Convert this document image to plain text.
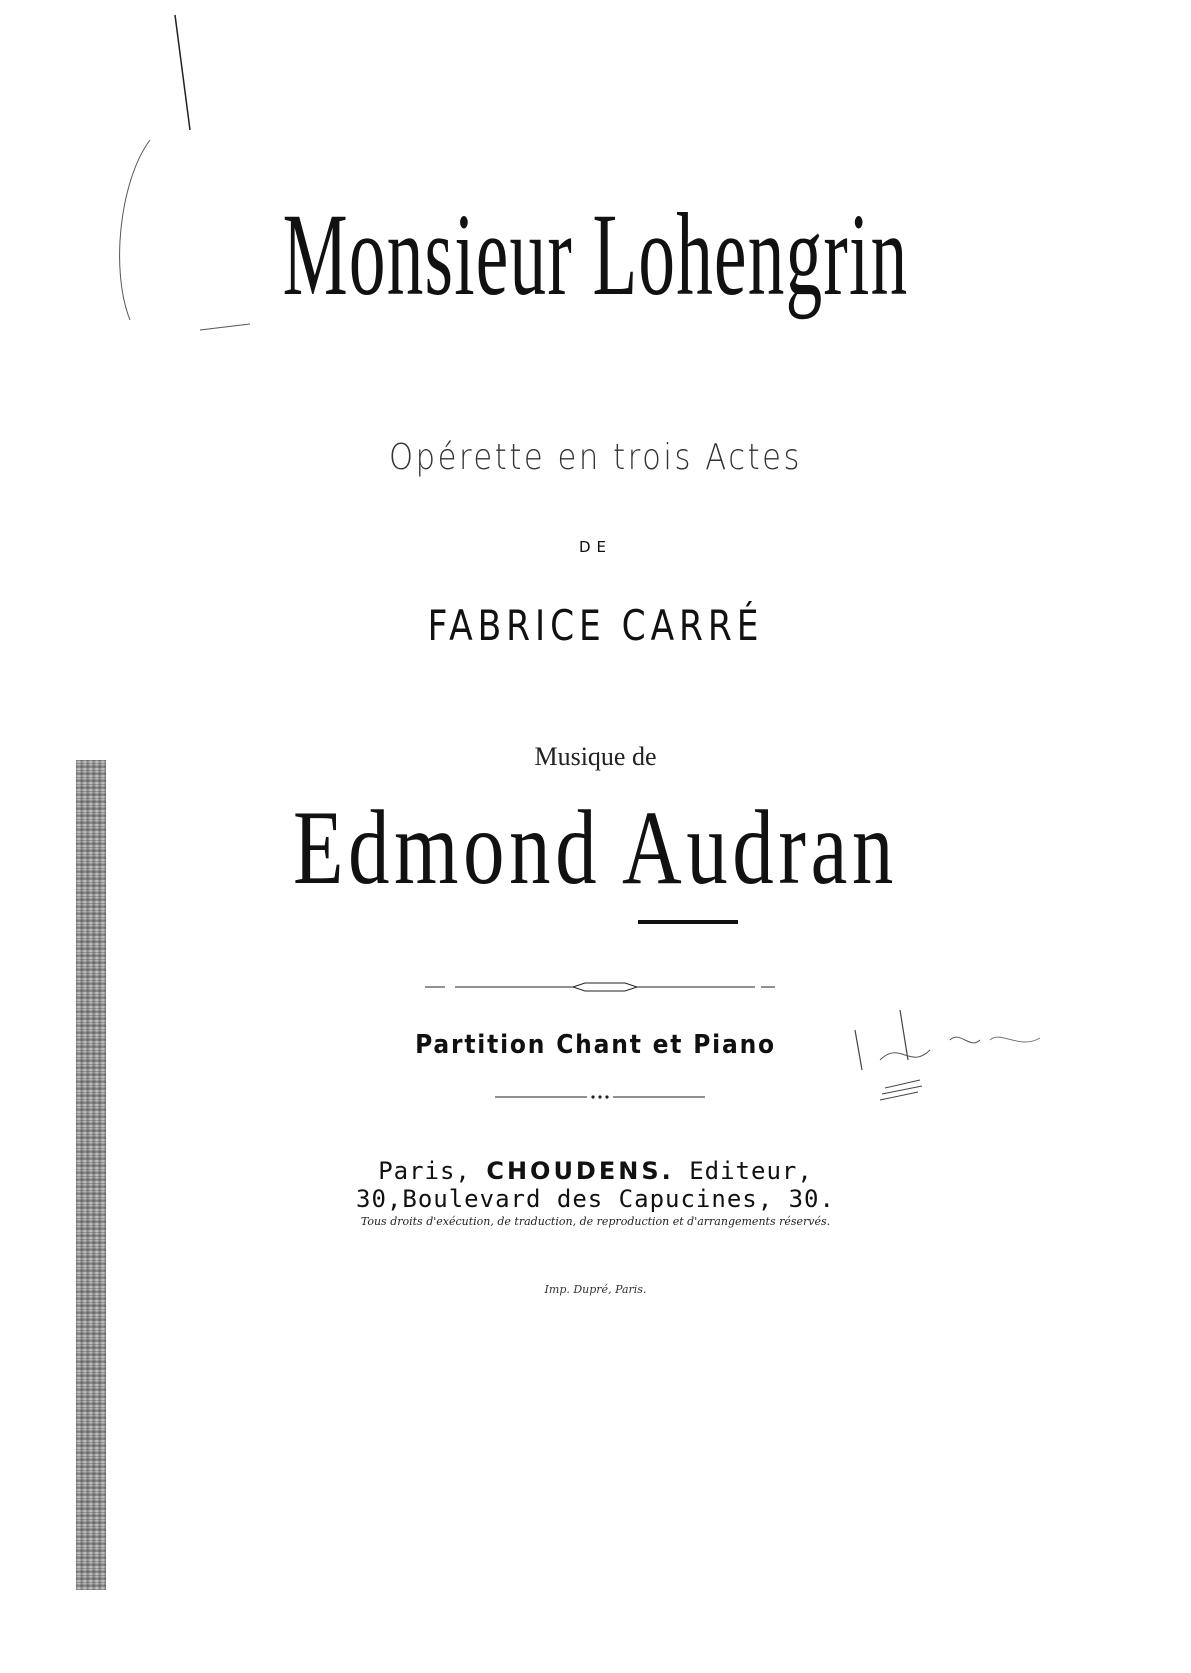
Monsieur Lohengrin
Opérette en trois Actes
DE
FABRICE CARRÉ
Musique de
Edmond Audran
Partition Chant et Piano
Paris, CHOUDENS. Editeur,
30,Boulevard des Capucines, 30.
Tous droits d'exécution, de traduction, de reproduction et d'arrangements réservés.
Imp. Dupré, Paris.
